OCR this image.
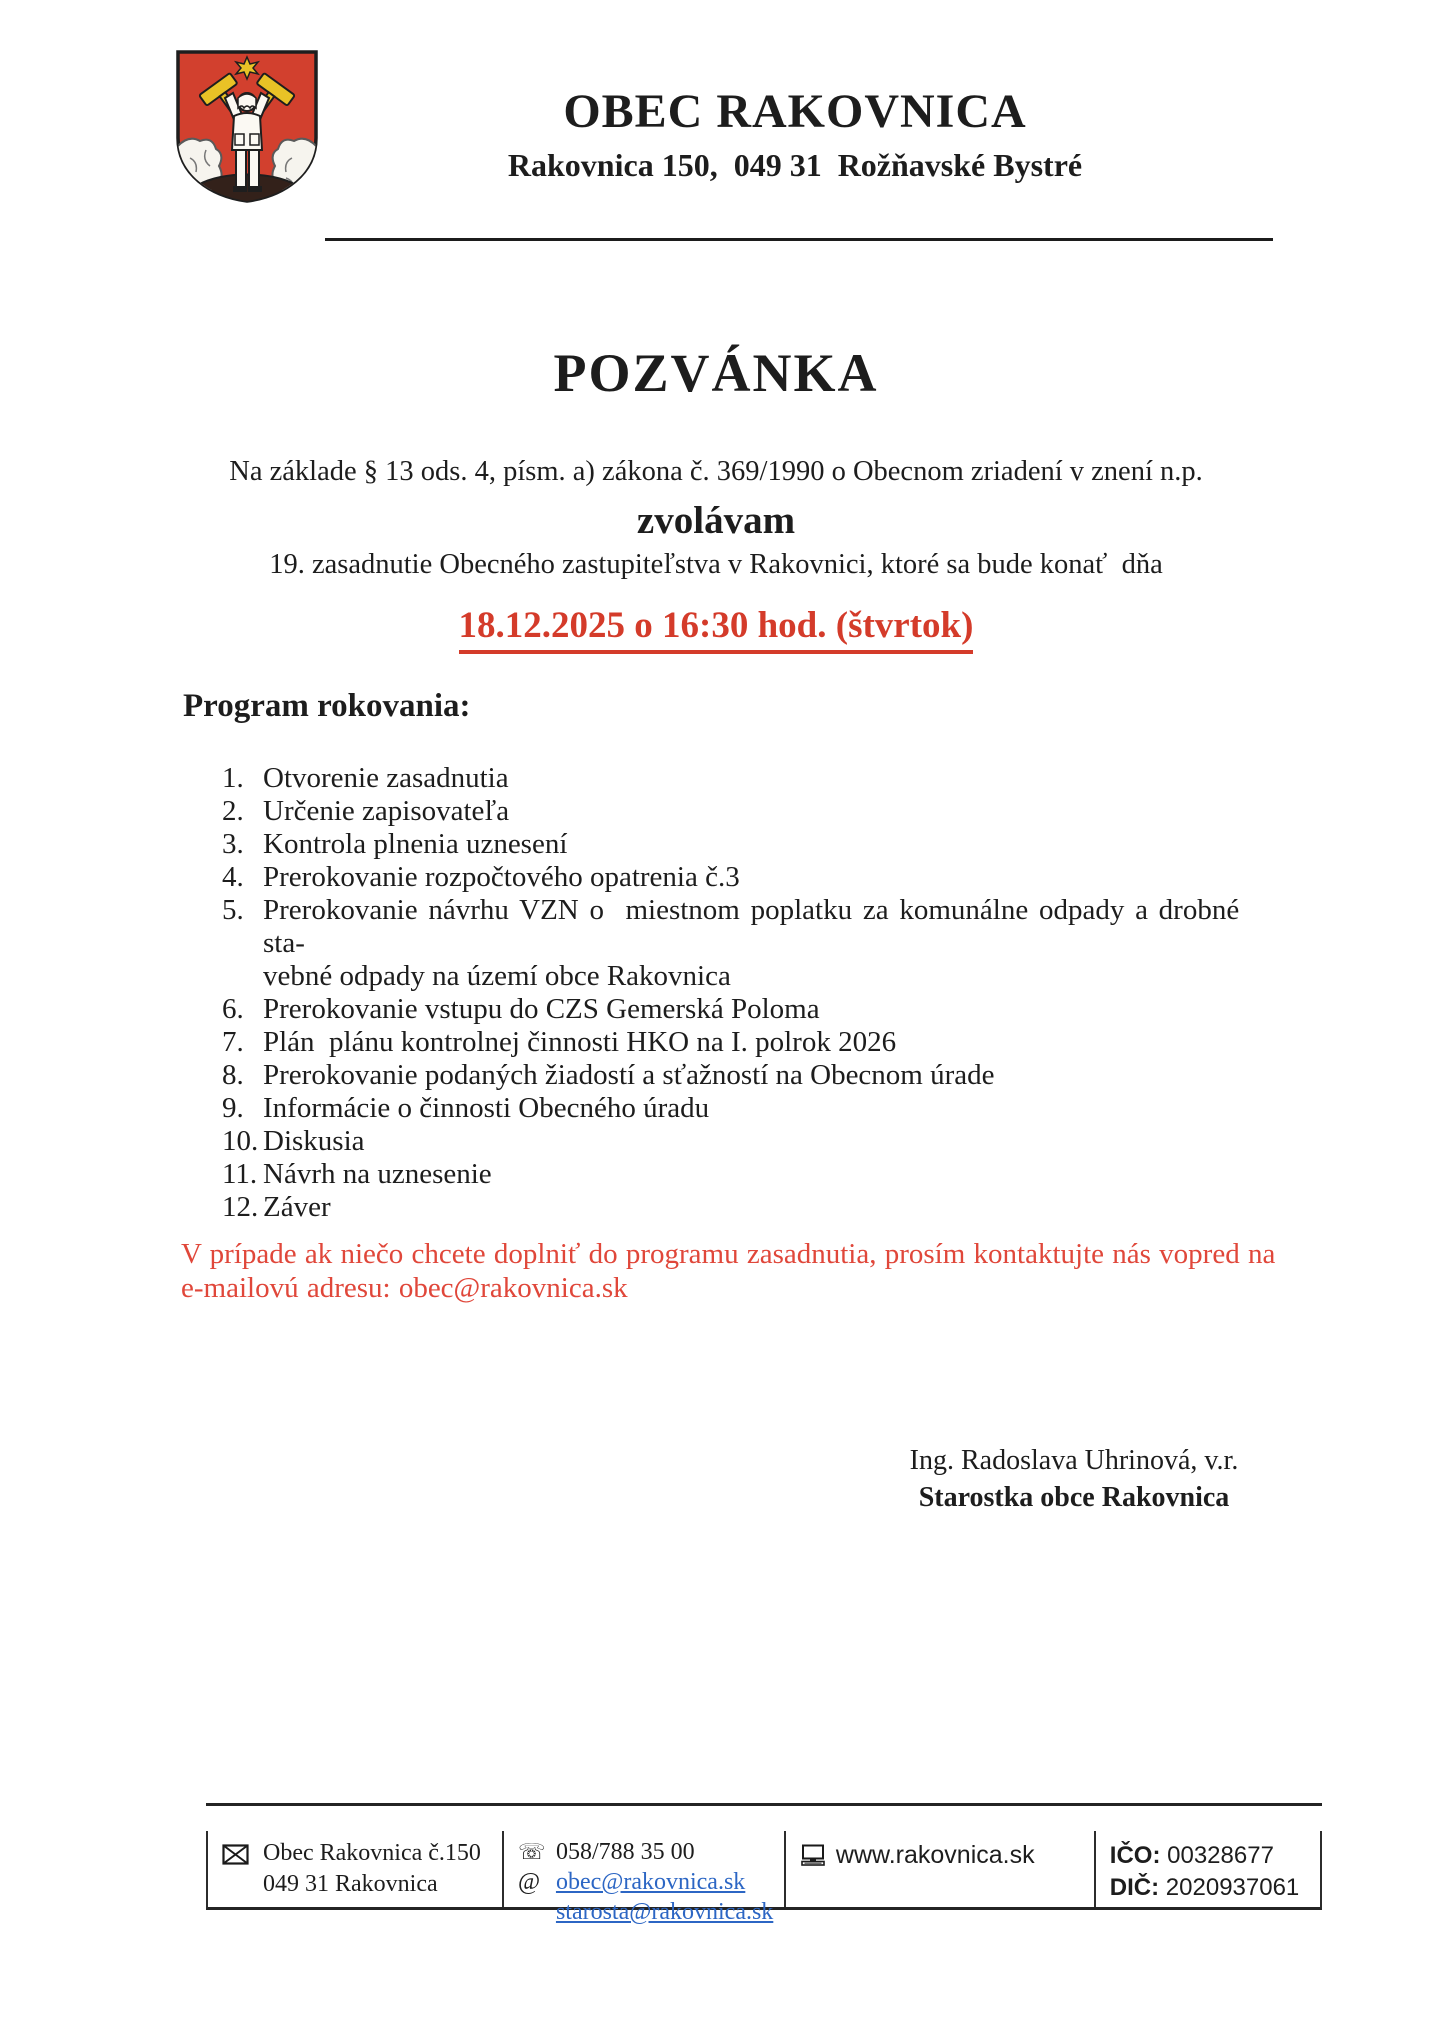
OBEC RAKOVNICA
Rakovnica 150,  049 31  Rožňavské Bystré
POZVÁNKA
Na základe § 13 ods. 4, písm. a) zákona č. 369/1990 o Obecnom zriadení v znení n.p.
zvolávam
19. zasadnutie Obecného zastupiteľstva v Rakovnici, ktoré sa bude konať  dňa
18.12.2025 o 16:30 hod. (štvrtok)
Program rokovania:
1. Otvorenie zasadnutia
2. Určenie zapisovateľa
3. Kontrola plnenia uznesení
4. Prerokovanie rozpočtového opatrenia č.3
5. Prerokovanie návrhu VZN o  miestnom poplatku za komunálne odpady a drobné sta-
vebné odpady na území obce Rakovnica
6. Prerokovanie vstupu do CZS Gemerská Poloma
7. Plán  plánu kontrolnej činnosti HKO na I. polrok 2026
8. Prerokovanie podaných žiadostí a sťažností na Obecnom úrade
9. Informácie o činnosti Obecného úradu
10. Diskusia
11. Návrh na uznesenie
12. Záver
V prípade ak niečo chcete doplniť do programu zasadnutia, prosím kontaktujte nás vopred na
e-mailovú adresu: obec@rakovnica.sk
Ing. Radoslava Uhrinová, v.r.
Starostka obce Rakovnica
Obec Rakovnica č.150
049 31 Rakovnica
☏ 058/788 35 00
@ obec@rakovnica.sk
starosta@rakovnica.sk
www.rakovnica.sk	IČO: 00328677
DIČ: 2020937061
